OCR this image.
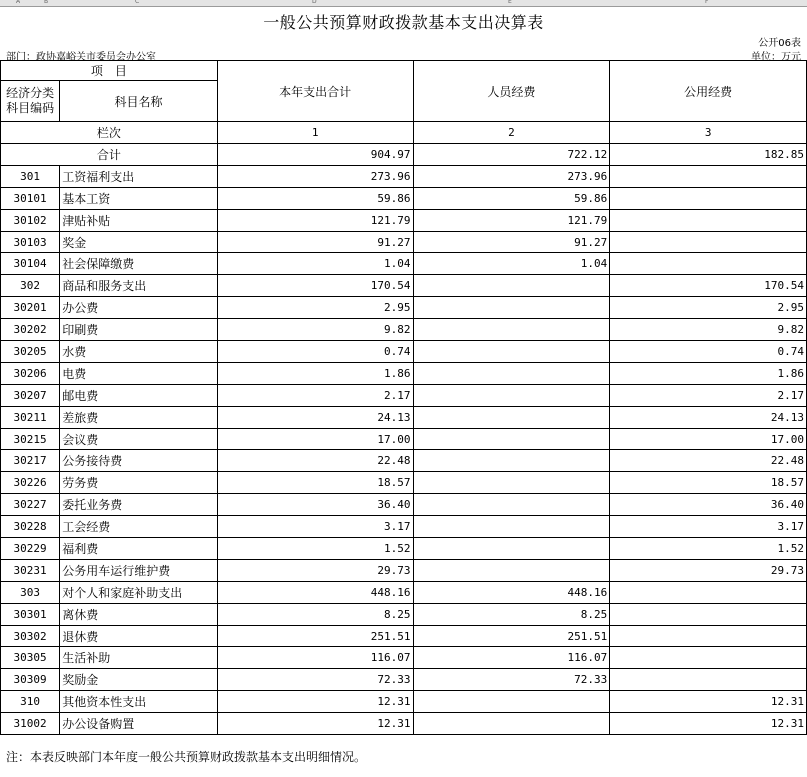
A	B	C	D	E	F
一般公共预算财政拨款基本支出决算表
公开06表
部门：政协嘉峪关市委员会办公室	单位：万元
项　目		本年支出合计	人员经费	公用经费

经济分类
科目编码	科目名称			
栏次		1	2	3
合计		904.97	722.12	182.85
301	工资福利支出	273.96	273.96	
30101	基本工资	59.86	59.86	
30102	津贴补贴	121.79	121.79	
30103	奖金	91.27	91.27	
30104	社会保障缴费	1.04	1.04	
302	商品和服务支出	170.54		170.54
30201	办公费	2.95		2.95
30202	印刷费	9.82		9.82
30205	水费	0.74		0.74
30206	电费	1.86		1.86
30207	邮电费	2.17		2.17
30211	差旅费	24.13		24.13
30215	会议费	17.00		17.00
30217	公务接待费	22.48		22.48
30226	劳务费	18.57		18.57
30227	委托业务费	36.40		36.40
30228	工会经费	3.17		3.17
30229	福利费	1.52		1.52
30231	公务用车运行维护费	29.73		29.73
303	对个人和家庭补助支出	448.16	448.16	
30301	离休费	8.25	8.25	
30302	退休费	251.51	251.51	
30305	生活补助	116.07	116.07	
30309	奖励金	72.33	72.33	
310	其他资本性支出	12.31		12.31
31002	办公设备购置	12.31		12.31
注：本表反映部门本年度一般公共预算财政拨款基本支出明细情况。
